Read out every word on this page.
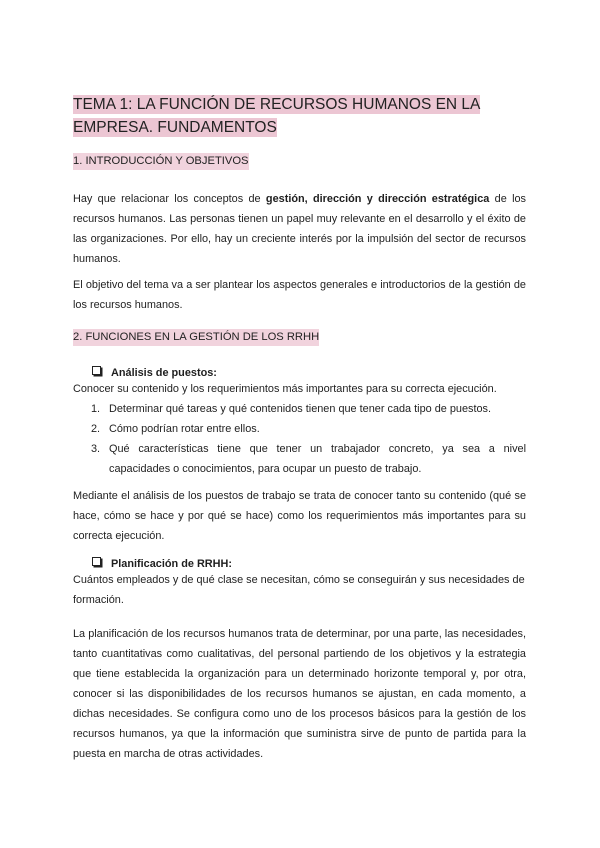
TEMA 1: LA FUNCIÓN DE RECURSOS HUMANOS EN LA EMPRESA. FUNDAMENTOS
1. INTRODUCCIÓN Y OBJETIVOS
Hay que relacionar los conceptos de gestión, dirección y dirección estratégica de los recursos humanos. Las personas tienen un papel muy relevante en el desarrollo y el éxito de las organizaciones. Por ello, hay un creciente interés por la impulsión del sector de recursos humanos.
El objetivo del tema va a ser plantear los aspectos generales e introductorios de la gestión de los recursos humanos.
2. FUNCIONES EN LA GESTIÓN DE LOS RRHH
Análisis de puestos:
Conocer su contenido y los requerimientos más importantes para su correcta ejecución.
1. Determinar qué tareas y qué contenidos tienen que tener cada tipo de puestos.
2. Cómo podrían rotar entre ellos.
3. Qué características tiene que tener un trabajador concreto, ya sea a nivel capacidades o conocimientos, para ocupar un puesto de trabajo.
Mediante el análisis de los puestos de trabajo se trata de conocer tanto su contenido (qué se hace, cómo se hace y por qué se hace) como los requerimientos más importantes para su correcta ejecución.
Planificación de RRHH:
Cuántos empleados y de qué clase se necesitan, cómo se conseguirán y sus necesidades de formación.
La planificación de los recursos humanos trata de determinar, por una parte, las necesidades, tanto cuantitativas como cualitativas, del personal partiendo de los objetivos y la estrategia que tiene establecida la organización para un determinado horizonte temporal y, por otra, conocer si las disponibilidades de los recursos humanos se ajustan, en cada momento, a dichas necesidades. Se configura como uno de los procesos básicos para la gestión de los recursos humanos, ya que la información que suministra sirve de punto de partida para la puesta en marcha de otras actividades.
